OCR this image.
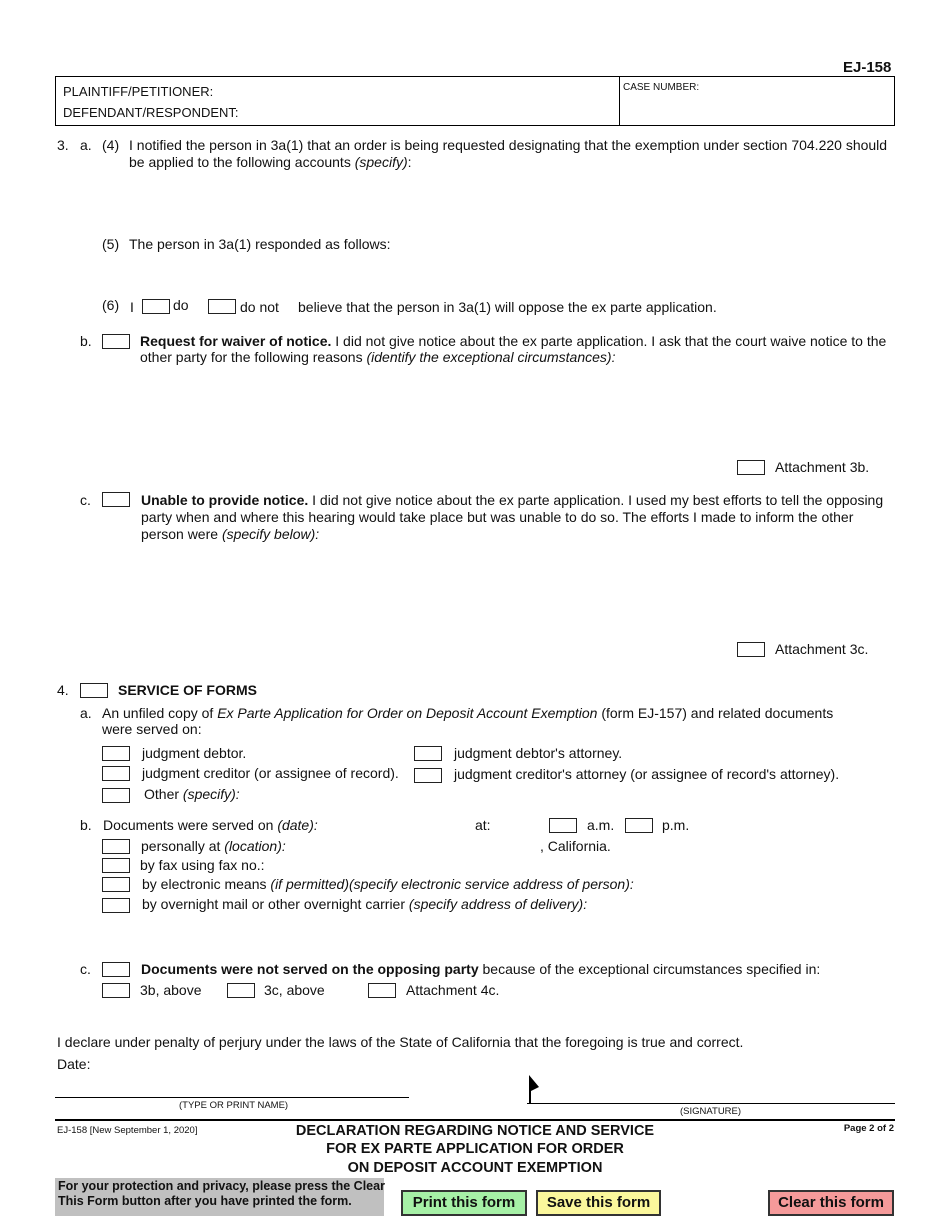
EJ-158
PLAINTIFF/PETITIONER:
DEFENDANT/RESPONDENT:
CASE NUMBER:
3. a. (4) I notified the person in 3a(1) that an order is being requested designating that the exemption under section 704.220 should
be applied to the following accounts (specify):
(5) The person in 3a(1) responded as follows:
(6) I	do	do not believe that the person in 3a(1) will oppose the ex parte application.
b.	Request for waiver of notice. I did not give notice about the ex parte application. I ask that the court waive notice to the
other party for the following reasons (identify the exceptional circumstances):
Attachment 3b.
c.	Unable to provide notice. I did not give notice about the ex parte application. I used my best efforts to tell the opposing
party when and where this hearing would take place but was unable to do so. The efforts I made to inform the other
person were (specify below):
Attachment 3c.
4.	SERVICE OF FORMS
a. An unfiled copy of Ex Parte Application for Order on Deposit Account Exemption (form EJ-157) and related documents
were served on:
judgment debtor.	judgment debtor's attorney.
judgment creditor (or assignee of record).	judgment creditor's attorney (or assignee of record's attorney).
Other (specify):
b. Documents were served on (date):	at:	a.m.	p.m.
personally at (location):	, California.
by fax using fax no.:
by electronic means (if permitted)(specify electronic service address of person):
by overnight mail or other overnight carrier (specify address of delivery):
c.	Documents were not served on the opposing party because of the exceptional circumstances specified in:
3b, above	3c, above	Attachment 4c.
I declare under penalty of perjury under the laws of the State of California that the foregoing is true and correct.
Date:
(TYPE OR PRINT NAME)
(SIGNATURE)
EJ-158 [New September 1, 2020]	DECLARATION REGARDING NOTICE AND SERVICE
FOR EX PARTE APPLICATION FOR ORDER
ON DEPOSIT ACCOUNT EXEMPTION
Page 2 of 2
For your protection and privacy, please press the Clear
This Form button after you have printed the form.	Print this form	Save this form	Clear this form
